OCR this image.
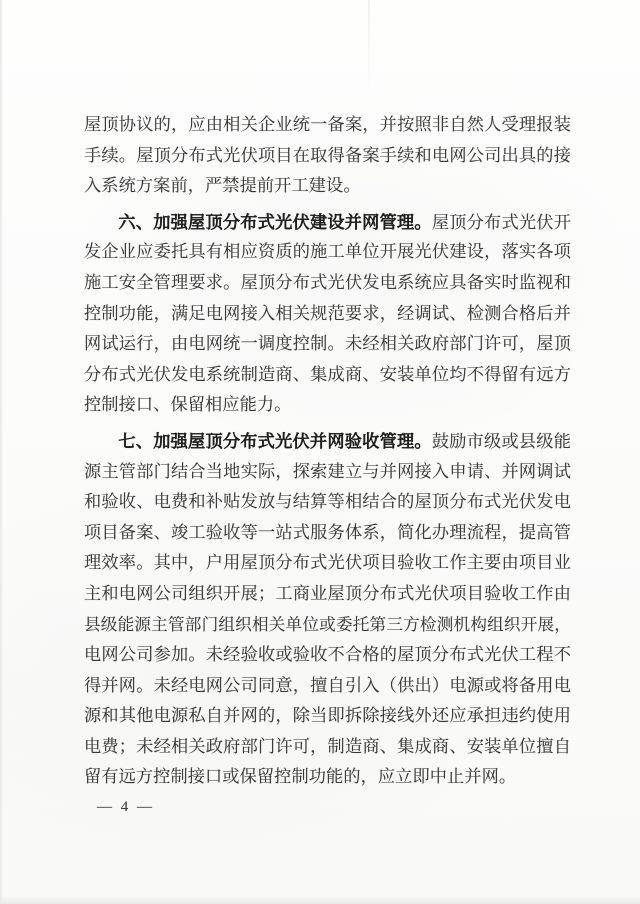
屋顶协议的，应由相关企业统一备案，并按照非自然人受理报装
手续。屋顶分布式光伏项目在取得备案手续和电网公司出具的接
入系统方案前，严禁提前开工建设。
六、加强屋顶分布式光伏建设并网管理。屋顶分布式光伏开
发企业应委托具有相应资质的施工单位开展光伏建设，落实各项
施工安全管理要求。屋顶分布式光伏发电系统应具备实时监视和
控制功能，满足电网接入相关规范要求，经调试、检测合格后并
网试运行，由电网统一调度控制。未经相关政府部门许可，屋顶
分布式光伏发电系统制造商、集成商、安装单位均不得留有远方
控制接口、保留相应能力。
七、加强屋顶分布式光伏并网验收管理。鼓励市级或县级能
源主管部门结合当地实际，探索建立与并网接入申请、并网调试
和验收、电费和补贴发放与结算等相结合的屋顶分布式光伏发电
项目备案、竣工验收等一站式服务体系，简化办理流程，提高管
理效率。其中，户用屋顶分布式光伏项目验收工作主要由项目业
主和电网公司组织开展；工商业屋顶分布式光伏项目验收工作由
县级能源主管部门组织相关单位或委托第三方检测机构组织开展，
电网公司参加。未经验收或验收不合格的屋顶分布式光伏工程不
得并网。未经电网公司同意，擅自引入（供出）电源或将备用电
源和其他电源私自并网的，除当即拆除接线外还应承担违约使用
电费；未经相关政府部门许可，制造商、集成商、安装单位擅自
留有远方控制接口或保留控制功能的，应立即中止并网。
— 4 —
